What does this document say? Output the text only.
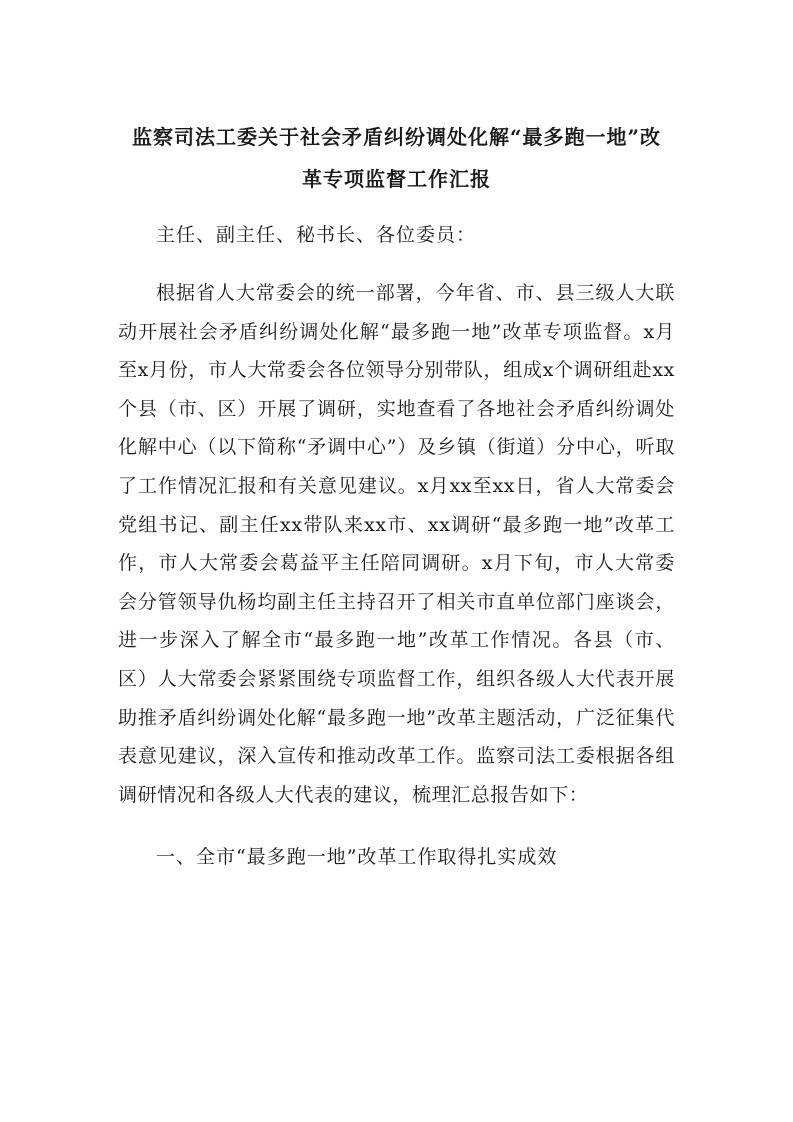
监察司法工委关于社会矛盾纠纷调处化解“最多跑一地”改
革专项监督工作汇报

主任、副主任、秘书长、各位委员：

根据省人大常委会的统一部署，今年省、市、县三级人大联动开展社会矛盾纠纷调处化解“最多跑一地”改革专项监督。x月至x月份，市人大常委会各位领导分别带队，组成x个调研组赴xx个县（市、区）开展了调研，实地查看了各地社会矛盾纠纷调处化解中心（以下简称“矛调中心”）及乡镇（街道）分中心，听取了工作情况汇报和有关意见建议。x月xx至xx日，省人大常委会党组书记、副主任xx带队来xx市、xx调研“最多跑一地”改革工作，市人大常委会葛益平主任陪同调研。x月下旬，市人大常委会分管领导仇杨均副主任主持召开了相关市直单位部门座谈会，进一步深入了解全市“最多跑一地”改革工作情况。各县（市、区）人大常委会紧紧围绕专项监督工作，组织各级人大代表开展助推矛盾纠纷调处化解“最多跑一地”改革主题活动，广泛征集代表意见建议，深入宣传和推动改革工作。监察司法工委根据各组调研情况和各级人大代表的建议，梳理汇总报告如下：

一、全市“最多跑一地”改革工作取得扎实成效
